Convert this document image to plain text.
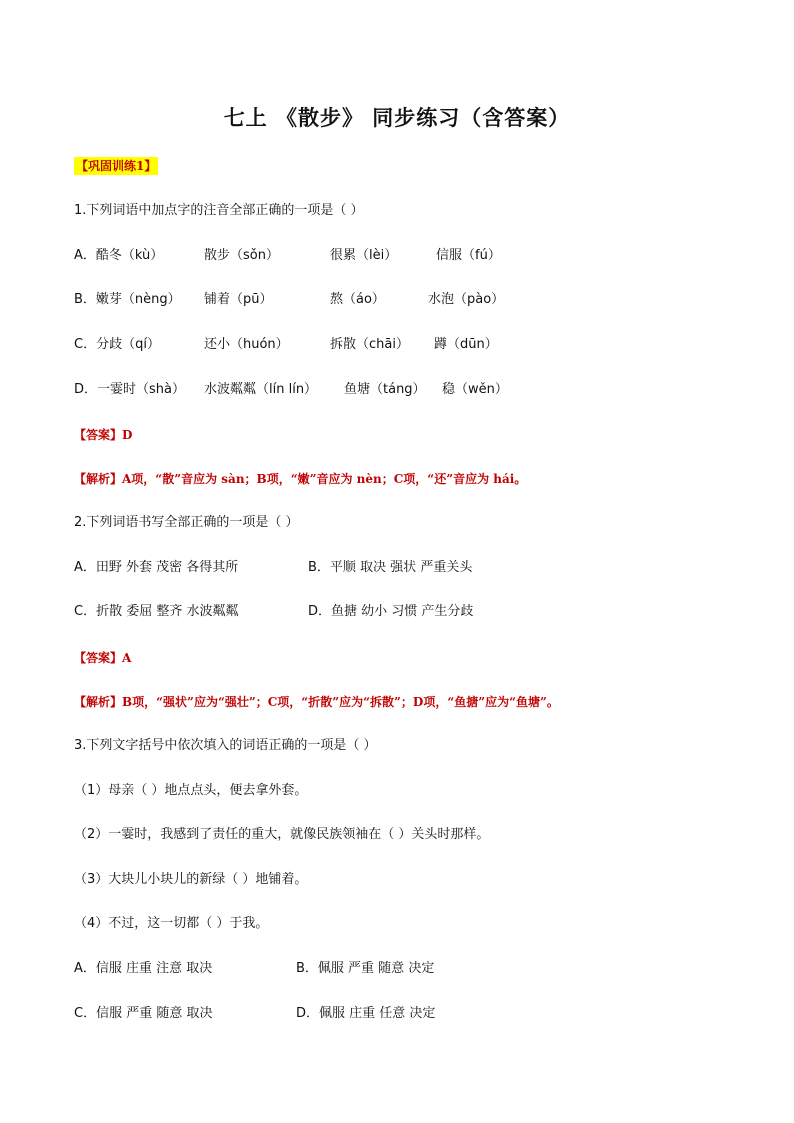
七上 《散步》 同步练习（含答案）
【巩固训练1】
1.下列词语中加点字的注音全部正确的一项是（ ）
A．酷冬（kù）	散步（sǒn）	很累（lèi）	信服（fú）
B．嫩芽（nèng） 铺着（pū）	熬（áo）	水泡（pào）
C．分歧（qí）	还小（huón）	拆散（chāi） 蹲（dūn）
D．一霎时（shà） 水波粼粼（lín lín） 鱼塘（táng） 稳（wěn）
【答案】D
【解析】A项，“散”音应为 sàn；B项，“嫩”音应为 nèn；C项，“还”音应为 hái。
2.下列词语书写全部正确的一项是（ ）
A．田野 外套 茂密 各得其所	B．平顺 取决 强状 严重关头
C．折散 委屈 整齐 水波粼粼	D．鱼搪 幼小 习惯 产生分歧
【答案】A
【解析】B项，“强状”应为“强壮”；C项，“折散”应为“拆散”；D项，“鱼搪”应为“鱼塘”。
3.下列文字括号中依次填入的词语正确的一项是（ ）
（1）母亲（ ）地点点头，便去拿外套。
（2）一霎时，我感到了责任的重大，就像民族领袖在（ ）关头时那样。
（3）大块儿小块儿的新绿（ ）地铺着。
（4）不过，这一切都（ ）于我。
A．信服 庄重 注意 取决	B．佩服 严重 随意 决定
C．信服 严重 随意 取决	D．佩服 庄重 任意 决定
